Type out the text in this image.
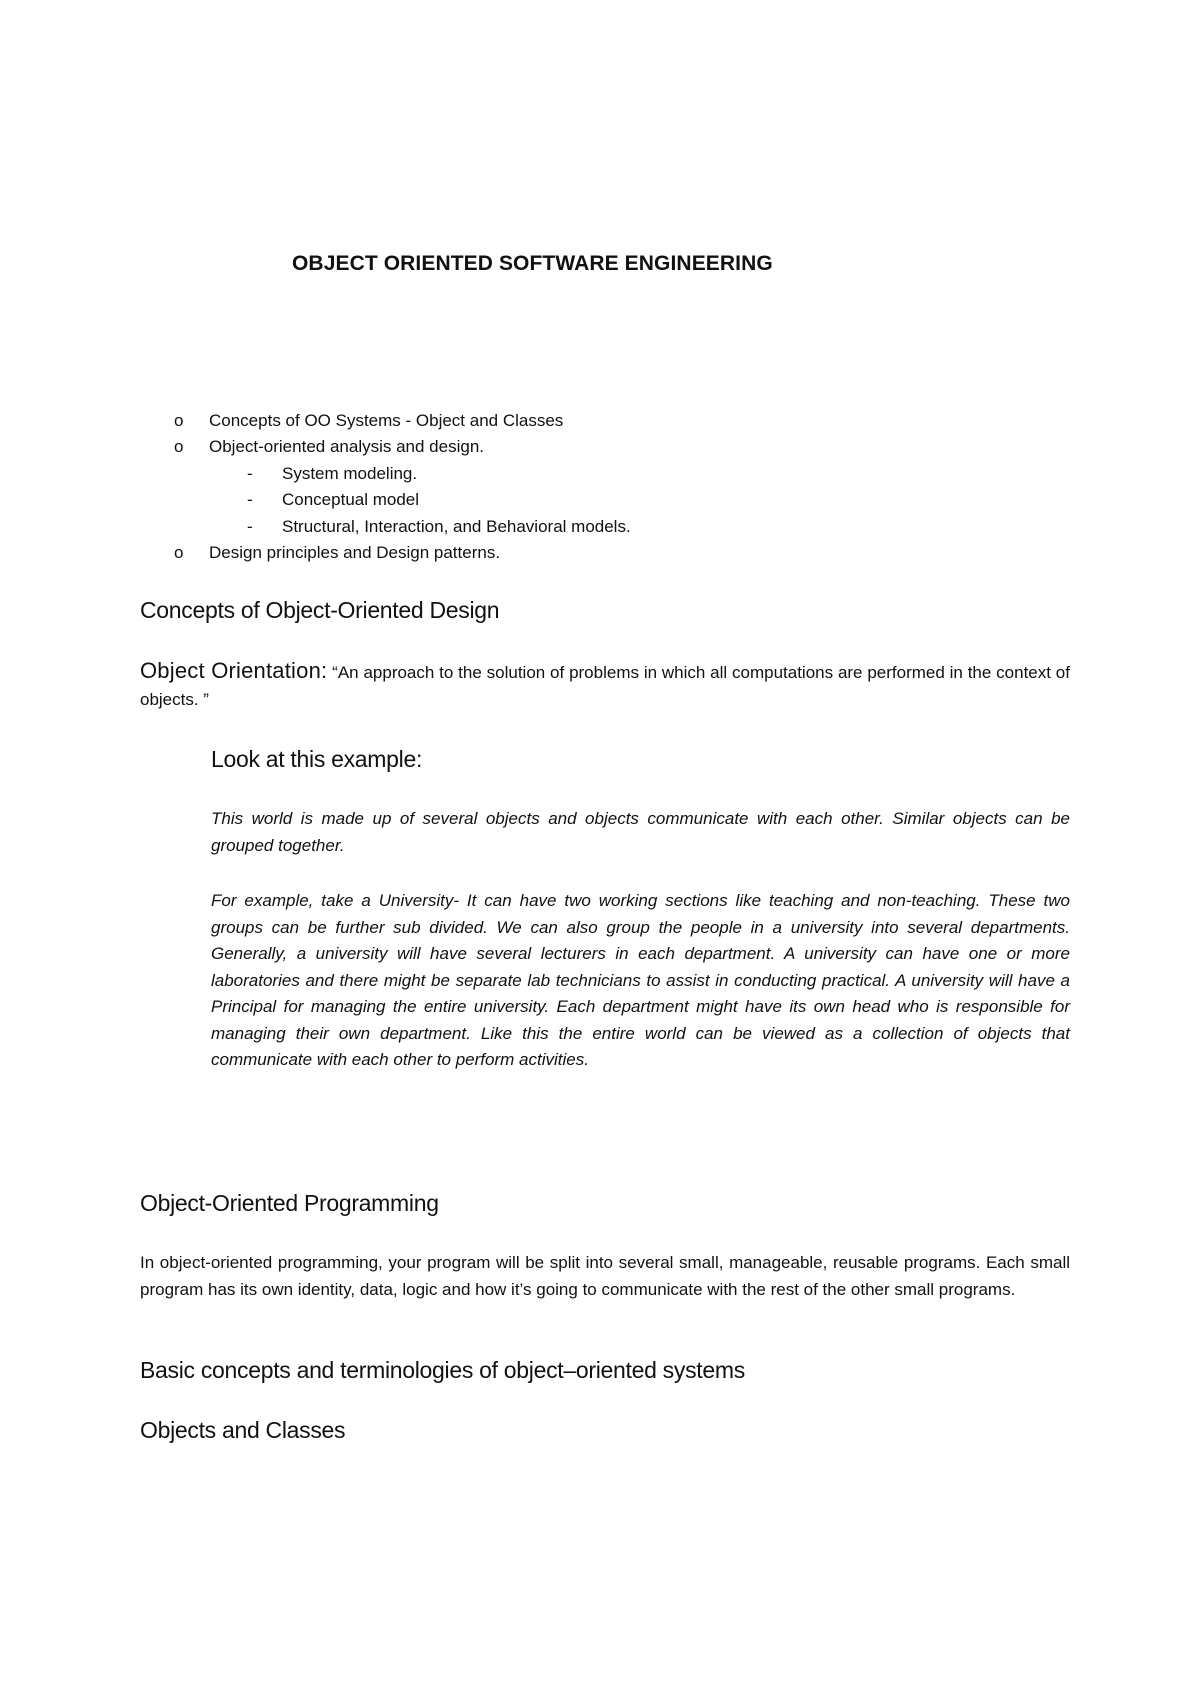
OBJECT ORIENTED SOFTWARE ENGINEERING
o Concepts of OO Systems - Object and Classes
o Object-oriented analysis and design.
- System modeling.
- Conceptual model
- Structural, Interaction, and Behavioral models.
o Design principles and Design patterns.
Concepts of Object-Oriented Design
Object Orientation: “An approach to the solution of problems in which all computations are performed in the context of objects. ”
Look at this example:
This world is made up of several objects and objects communicate with each other. Similar objects can be grouped together.
For example, take a University- It can have two working sections like teaching and non-teaching. These two groups can be further sub divided. We can also group the people in a university into several departments. Generally, a university will have several lecturers in each department. A university can have one or more laboratories and there might be separate lab technicians to assist in conducting practical. A university will have a Principal for managing the entire university. Each department might have its own head who is responsible for managing their own department. Like this the entire world can be viewed as a collection of objects that communicate with each other to perform activities.
Object-Oriented Programming
In object-oriented programming, your program will be split into several small, manageable, reusable programs. Each small program has its own identity, data, logic and how it’s going to communicate with the rest of the other small programs.
Basic concepts and terminologies of object–oriented systems
Objects and Classes
